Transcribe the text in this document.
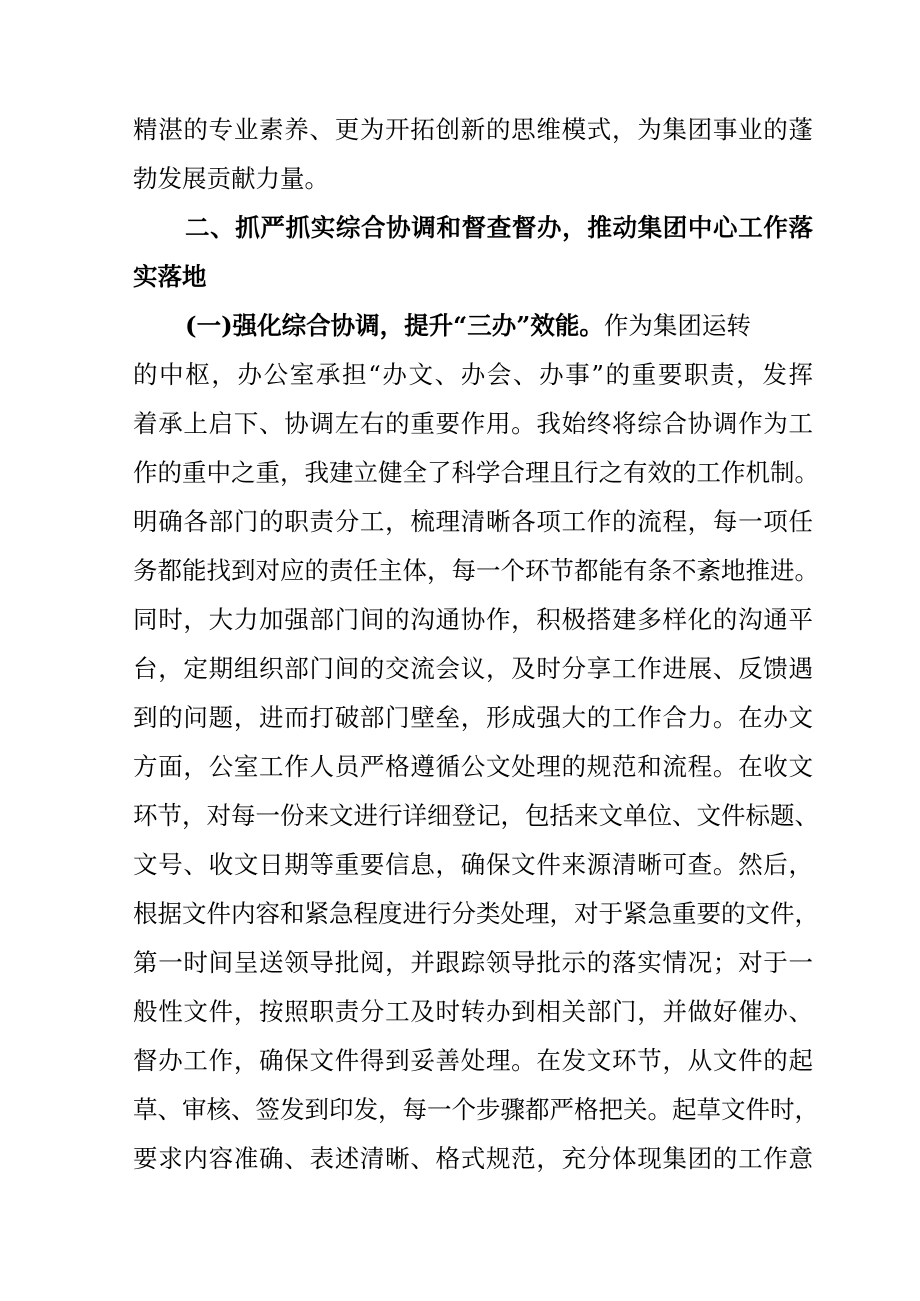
精湛的专业素养、更为开拓创新的思维模式，为集团事业的蓬
勃发展贡献力量。
二、抓严抓实综合协调和督查督办，推动集团中心工作落
实落地
(一)强化综合协调，提升“三办”效能。作为集团运转
的中枢，办公室承担“办文、办会、办事”的重要职责，发挥
着承上启下、协调左右的重要作用。我始终将综合协调作为工
作的重中之重，我建立健全了科学合理且行之有效的工作机制。
明确各部门的职责分工，梳理清晰各项工作的流程，每一项任
务都能找到对应的责任主体，每一个环节都能有条不紊地推进。
同时，大力加强部门间的沟通协作，积极搭建多样化的沟通平
台，定期组织部门间的交流会议，及时分享工作进展、反馈遇
到的问题，进而打破部门壁垒，形成强大的工作合力。在办文
方面，公室工作人员严格遵循公文处理的规范和流程。在收文
环节，对每一份来文进行详细登记，包括来文单位、文件标题、
文号、收文日期等重要信息，确保文件来源清晰可查。然后，
根据文件内容和紧急程度进行分类处理，对于紧急重要的文件，
第一时间呈送领导批阅，并跟踪领导批示的落实情况；对于一
般性文件，按照职责分工及时转办到相关部门，并做好催办、
督办工作，确保文件得到妥善处理。在发文环节，从文件的起
草、审核、签发到印发，每一个步骤都严格把关。起草文件时，
要求内容准确、表述清晰、格式规范，充分体现集团的工作意
